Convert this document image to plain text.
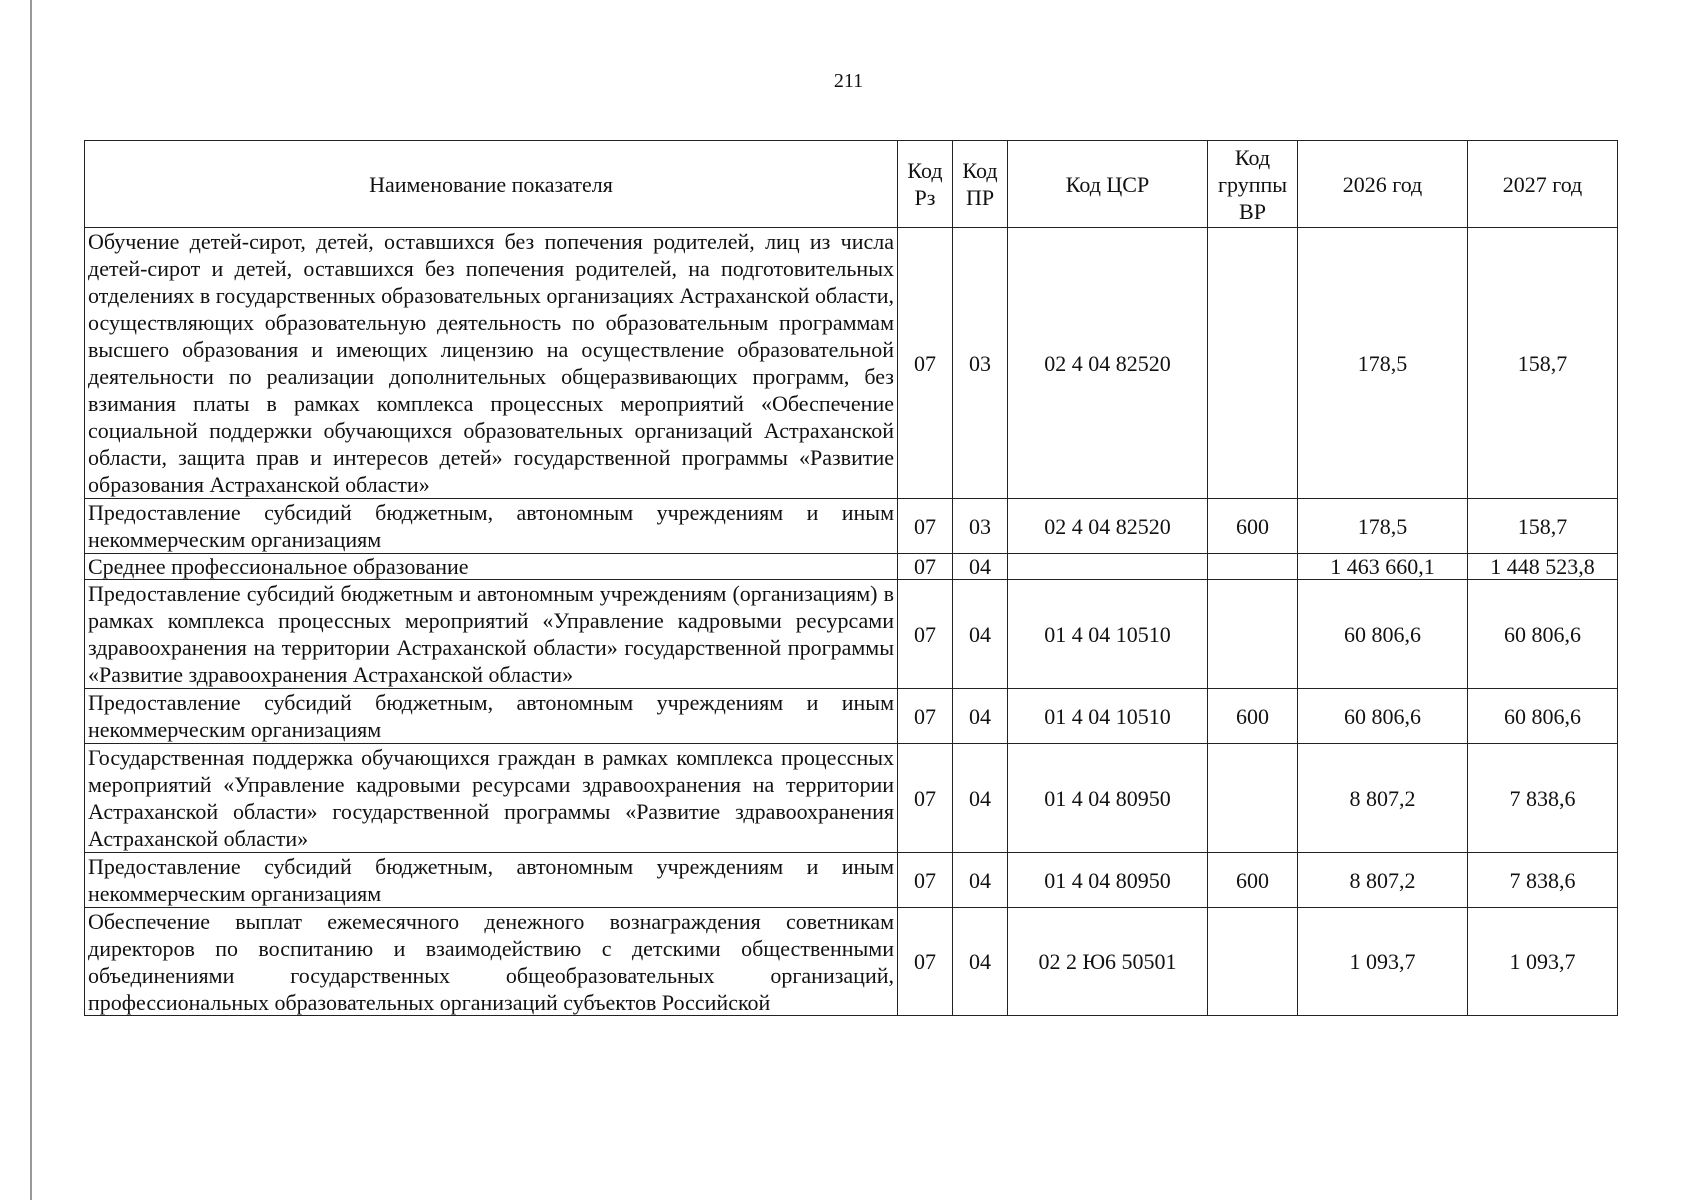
211
Наименование показателя	Код Рз	Код ПР	Код ЦСР	Код группы ВР	2026 год	2027 год
Обучение детей-сирот, детей, оставшихся без попечения родителей, лиц из числа детей-сирот и детей, оставшихся без попечения родителей, на подготовительных отделениях в государственных образовательных организациях Астраханской области, осуществляющих образовательную деятельность по образовательным программам высшего образования и имеющих лицензию на осуществление образовательной деятельности по реализации дополнительных общеразвивающих программ, без взимания платы в рамках комплекса процессных мероприятий «Обеспечение социальной поддержки обучающихся образовательных организаций Астраханской области, защита прав и интересов детей» государственной программы «Развитие образования Астраханской области»	07	03	02 4 04 82520		178,5	158,7
Предоставление субсидий бюджетным, автономным учреждениям и иным некоммерческим организациям	07	03	02 4 04 82520	600	178,5	158,7
Среднее профессиональное образование	07	04			1 463 660,1	1 448 523,8
Предоставление субсидий бюджетным и автономным учреждениям (организациям) в рамках комплекса процессных мероприятий «Управление кадровыми ресурсами здравоохранения на территории Астраханской области» государственной программы «Развитие здравоохранения Астраханской области»	07	04	01 4 04 10510		60 806,6	60 806,6
Предоставление субсидий бюджетным, автономным учреждениям и иным некоммерческим организациям	07	04	01 4 04 10510	600	60 806,6	60 806,6
Государственная поддержка обучающихся граждан в рамках комплекса процессных мероприятий «Управление кадровыми ресурсами здравоохранения на территории Астраханской области» государственной программы «Развитие здравоохранения Астраханской области»	07	04	01 4 04 80950		8 807,2	7 838,6
Предоставление субсидий бюджетным, автономным учреждениям и иным некоммерческим организациям	07	04	01 4 04 80950	600	8 807,2	7 838,6

Обеспечение выплат ежемесячного денежного вознаграждения советникам директоров по воспитанию и взаимодействию с детскими общественными объединениями государственных общеобразовательных организаций, профессиональных образовательных организаций субъектов Российской	07	04	02 2 Ю6 50501		1 093,7	1 093,7
